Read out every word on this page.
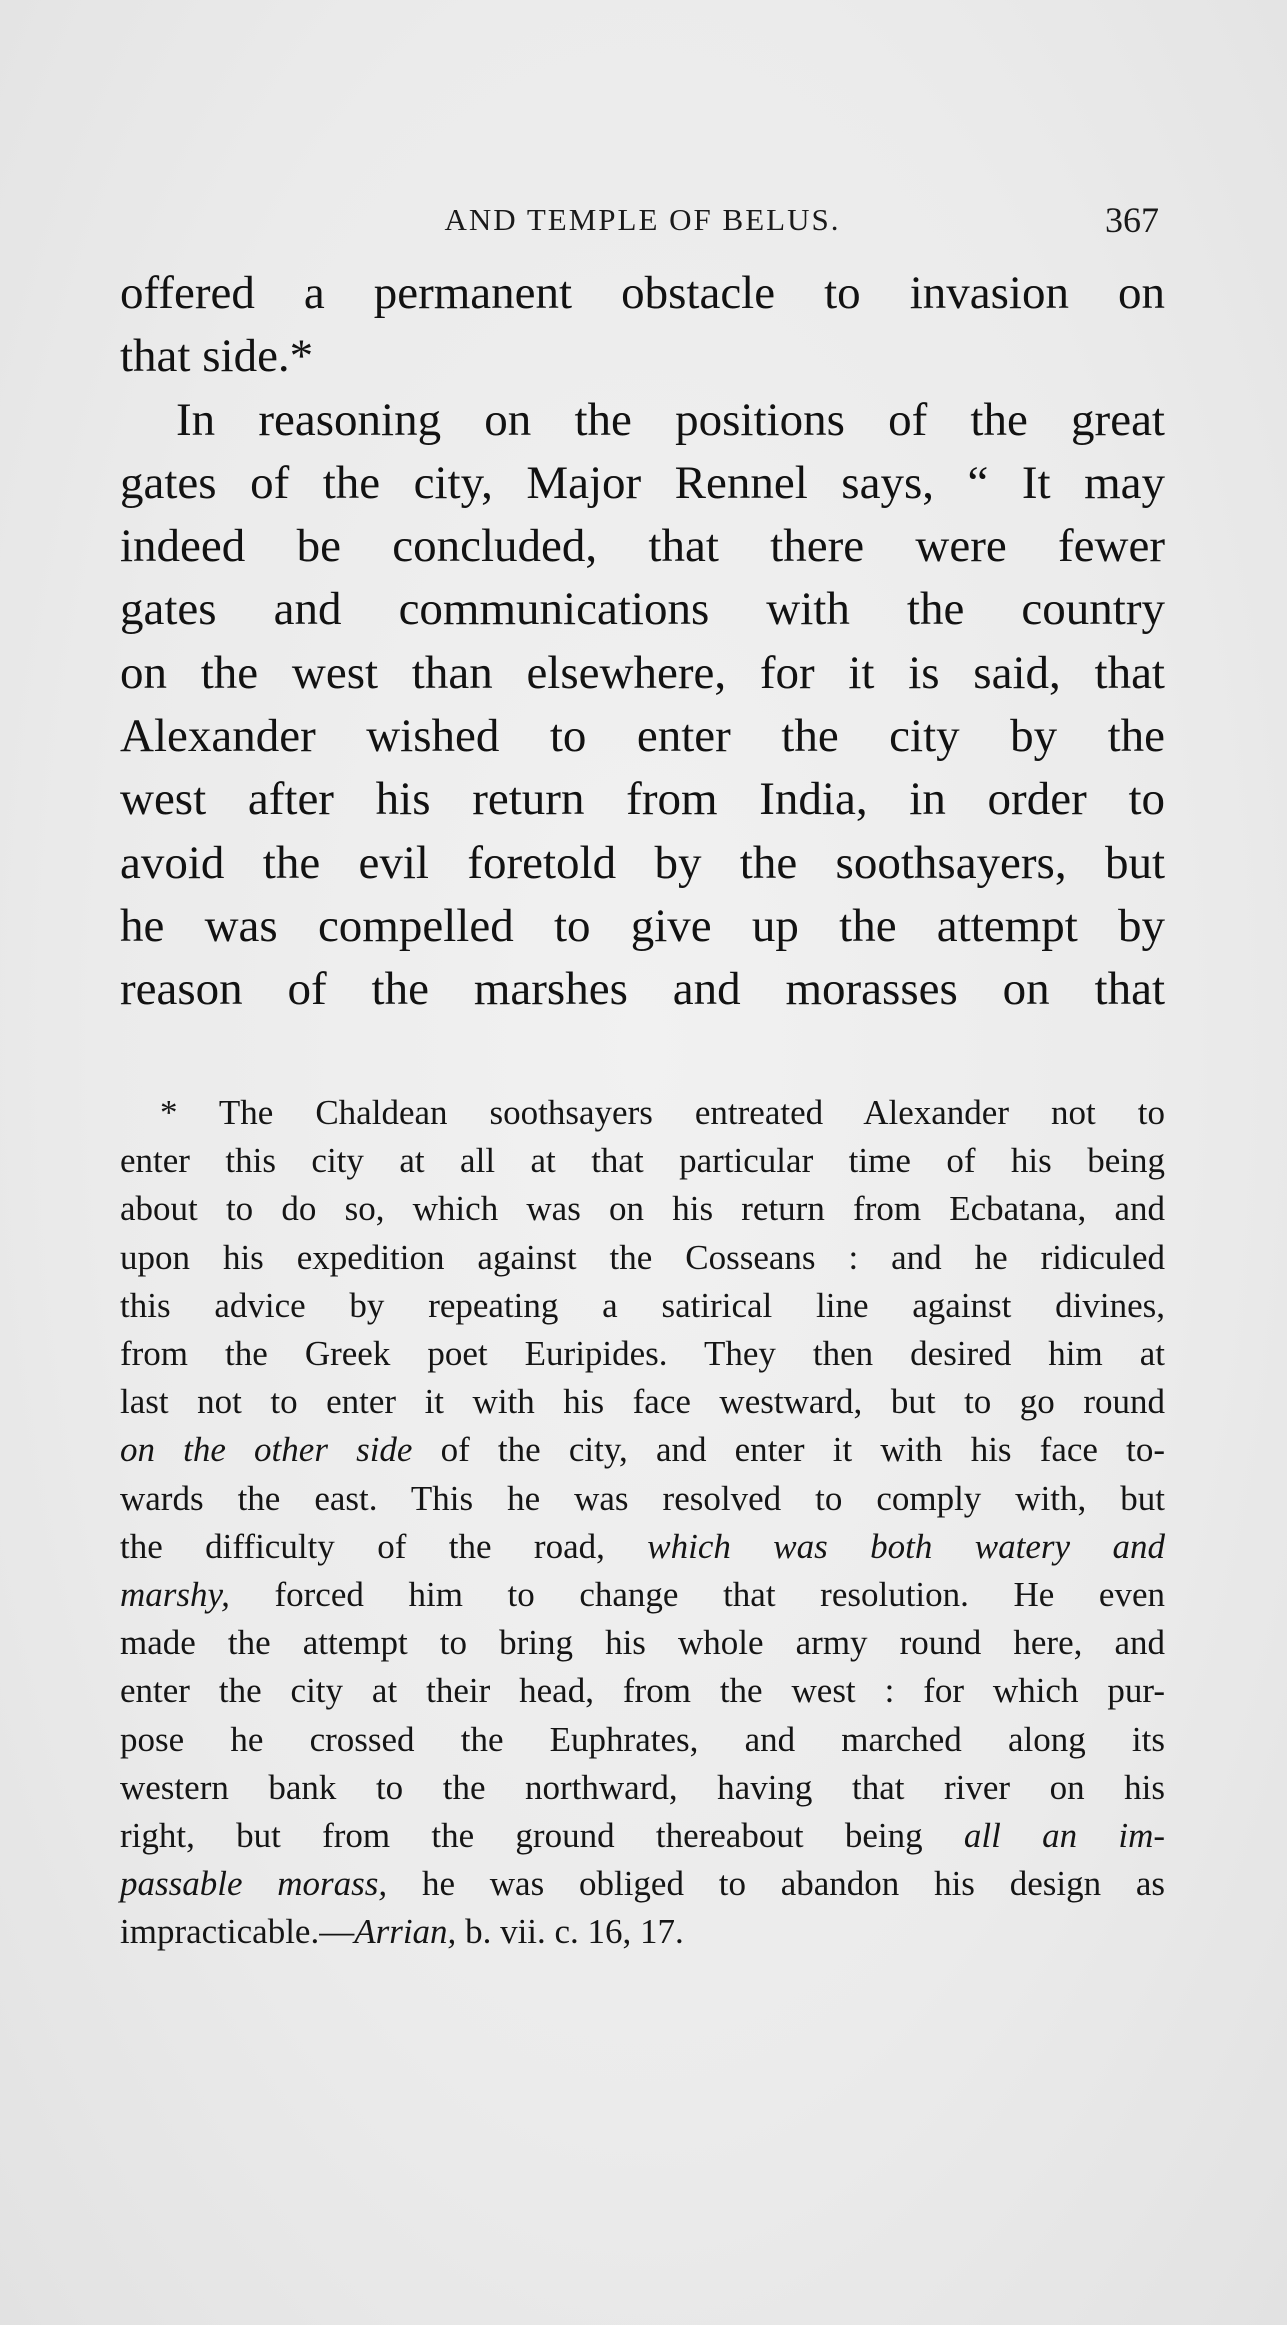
AND TEMPLE OF BELUS.	367
offered a permanent obstacle to invasion on
that side.*
In reasoning on the positions of the great
gates of the city, Major Rennel says, “ It may
indeed be concluded, that there were fewer
gates and communications with the country
on the west than elsewhere, for it is said, that
Alexander wished to enter the city by the
west after his return from India, in order to
avoid the evil foretold by the soothsayers, but
he was compelled to give up the attempt by
reason of the marshes and morasses on that
* The Chaldean soothsayers entreated Alexander not to
enter this city at all at that particular time of his being
about to do so, which was on his return from Ecbatana, and
upon his expedition against the Cosseans : and he ridiculed
this advice by repeating a satirical line against divines,
from the Greek poet Euripides. They then desired him at
last not to enter it with his face westward, but to go round
on the other side of the city, and enter it with his face to-
wards the east. This he was resolved to comply with, but
the difficulty of the road, which was both watery and
marshy, forced him to change that resolution. He even
made the attempt to bring his whole army round here, and
enter the city at their head, from the west : for which pur-
pose he crossed the Euphrates, and marched along its
western bank to the northward, having that river on his
right, but from the ground thereabout being all an im-
passable morass, he was obliged to abandon his design as
impracticable.—Arrian, b. vii. c. 16, 17.
